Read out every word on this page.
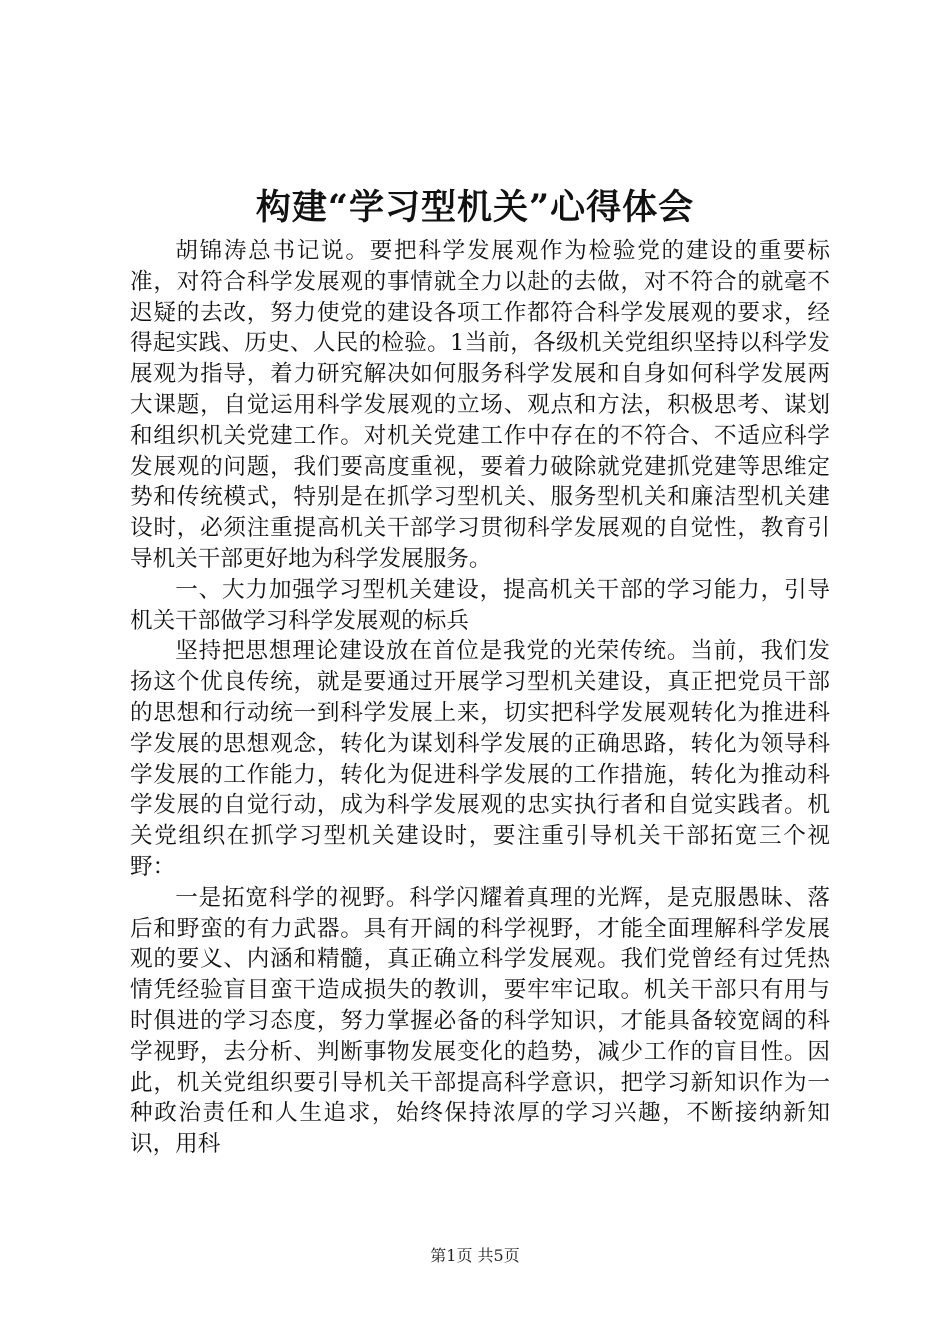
构建“学习型机关”心得体会

胡锦涛总书记说。要把科学发展观作为检验党的建设的重要标准，对符合科学发展观的事情就全力以赴的去做，对不符合的就毫不迟疑的去改，努力使党的建设各项工作都符合科学发展观的要求，经得起实践、历史、人民的检验。1当前，各级机关党组织坚持以科学发展观为指导，着力研究解决如何服务科学发展和自身如何科学发展两大课题，自觉运用科学发展观的立场、观点和方法，积极思考、谋划和组织机关党建工作。对机关党建工作中存在的不符合、不适应科学发展观的问题，我们要高度重视，要着力破除就党建抓党建等思维定势和传统模式，特别是在抓学习型机关、服务型机关和廉洁型机关建设时，必须注重提高机关干部学习贯彻科学发展观的自觉性，教育引导机关干部更好地为科学发展服务。

一、大力加强学习型机关建设，提高机关干部的学习能力，引导机关干部做学习科学发展观的标兵

坚持把思想理论建设放在首位是我党的光荣传统。当前，我们发扬这个优良传统，就是要通过开展学习型机关建设，真正把党员干部的思想和行动统一到科学发展上来，切实把科学发展观转化为推进科学发展的思想观念，转化为谋划科学发展的正确思路，转化为领导科学发展的工作能力，转化为促进科学发展的工作措施，转化为推动科学发展的自觉行动，成为科学发展观的忠实执行者和自觉实践者。机关党组织在抓学习型机关建设时，要注重引导机关干部拓宽三个视野：

一是拓宽科学的视野。科学闪耀着真理的光辉，是克服愚昧、落后和野蛮的有力武器。具有开阔的科学视野，才能全面理解科学发展观的要义、内涵和精髓，真正确立科学发展观。我们党曾经有过凭热情凭经验盲目蛮干造成损失的教训，要牢牢记取。机关干部只有用与时俱进的学习态度，努力掌握必备的科学知识，才能具备较宽阔的科学视野，去分析、判断事物发展变化的趋势，减少工作的盲目性。因此，机关党组织要引导机关干部提高科学意识，把学习新知识作为一种政治责任和人生追求，始终保持浓厚的学习兴趣，不断接纳新知识，用科

第1页 共5页
